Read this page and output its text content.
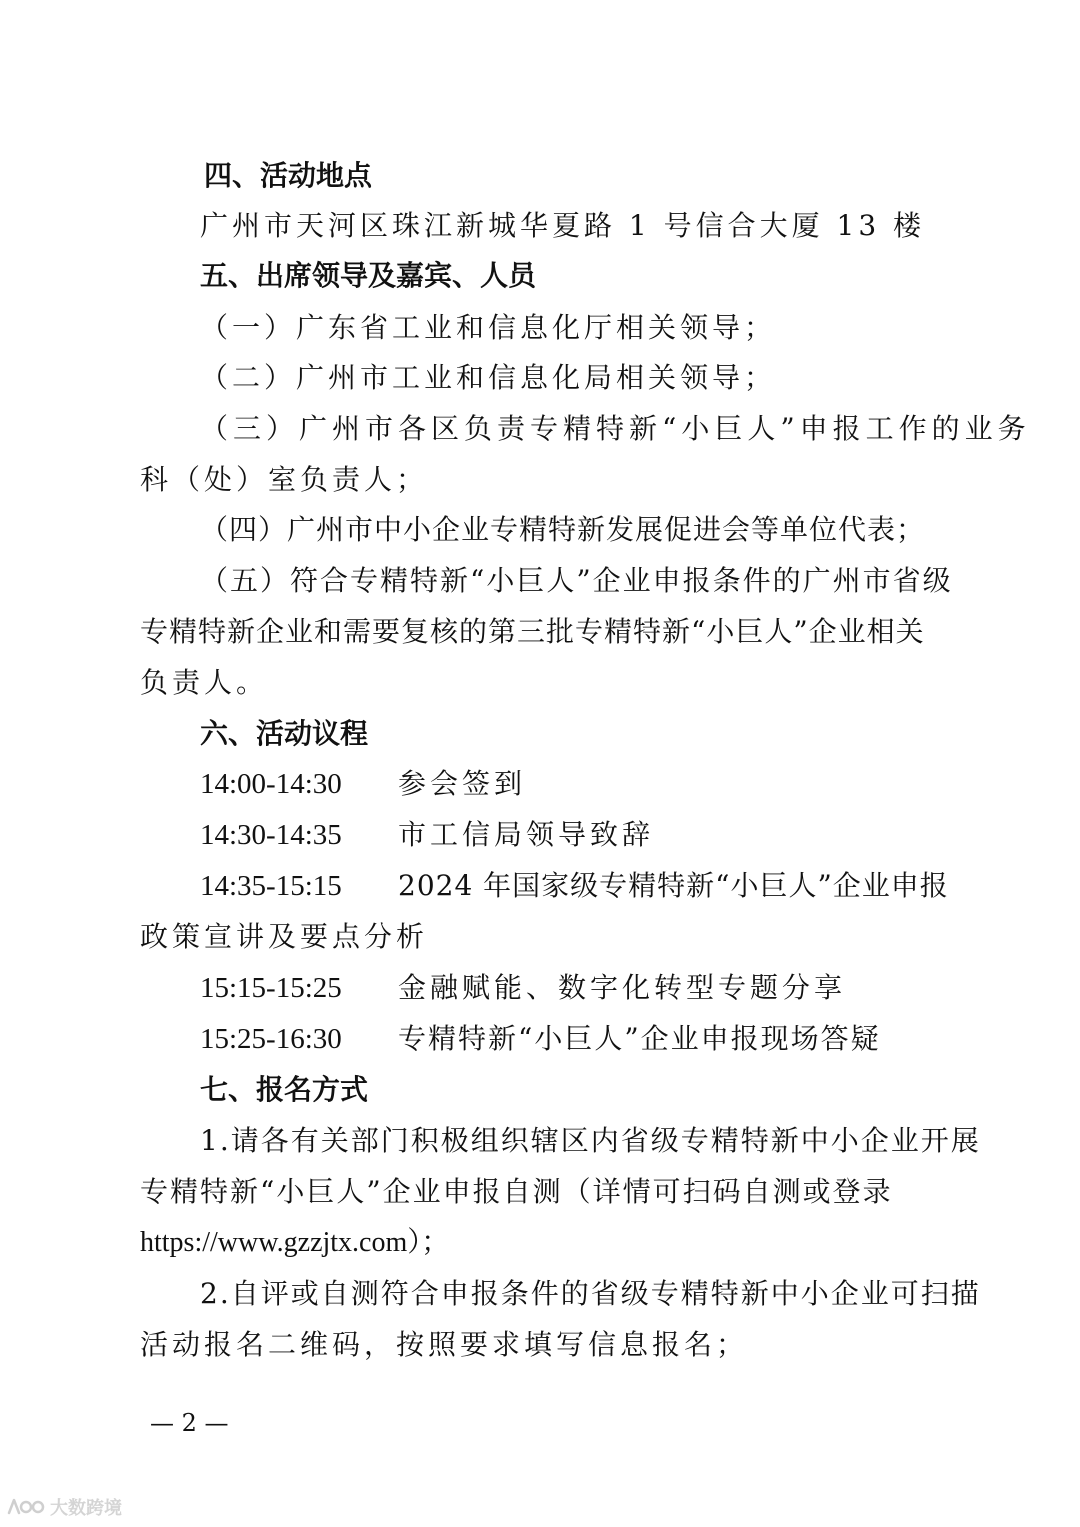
四、活动地点

广州市天河区珠江新城华夏路 1 号信合大厦 13 楼

五、出席领导及嘉宾、人员

（一）广东省工业和信息化厅相关领导；

（二）广州市工业和信息化局相关领导；

（三）广州市各区负责专精特新“小巨人”申报工作的业务

科（处）室负责人；

（四）广州市中小企业专精特新发展促进会等单位代表；

（五）符合专精特新“小巨人”企业申报条件的广州市省级

专精特新企业和需要复核的第三批专精特新“小巨人”企业相关

负责人。

六、活动议程

14:00-14:30 参会签到
14:30-14:35 市工信局领导致辞
14:35-15:15 2024 年国家级专精特新“小巨人”企业申报

政策宣讲及要点分析

15:15-15:25 金融赋能、数字化转型专题分享
15:25-16:30 专精特新“小巨人”企业申报现场答疑

七、报名方式

1.请各有关部门积极组织辖区内省级专精特新中小企业开展

专精特新“小巨人”企业申报自测（详情可扫码自测或登录

https://www.gzzjtx.com）；

2.自评或自测符合申报条件的省级专精特新中小企业可扫描

活动报名二维码，按照要求填写信息报名；

— 2 —
大数跨境
